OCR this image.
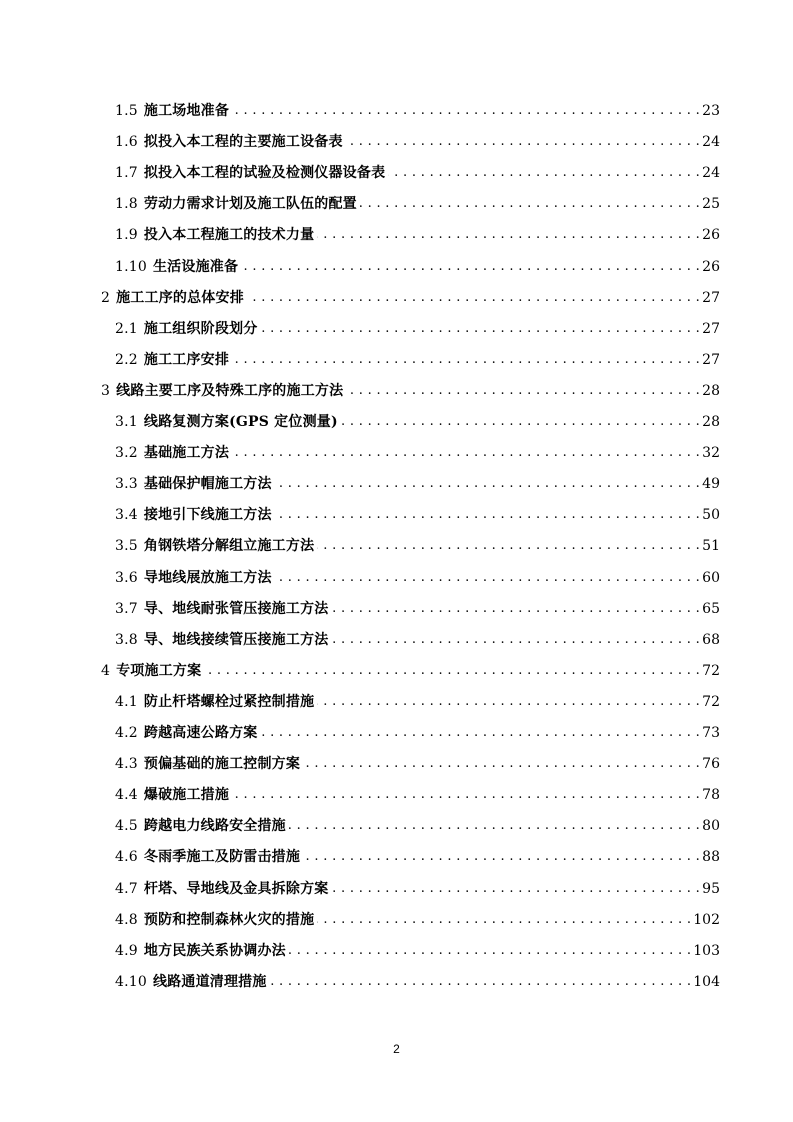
1.5 施工场地准备 . . .	23
1.6 拟投入本工程的主要施工设备表 . . .	24
1.7 拟投入本工程的试验及检测仪器设备表 . . .	24
1.8 劳动力需求计划及施工队伍的配置 . . .	25
1.9 投入本工程施工的技术力量 . . .	26
1.10 生活设施准备 . . .	26
2 施工工序的总体安排 . . .	27
2.1 施工组织阶段划分 . . .	27
2.2 施工工序安排 . . .	27
3 线路主要工序及特殊工序的施工方法 . . .	28
3.1 线路复测方案(GPS 定位测量) . . .	28
3.2 基础施工方法 . . .	32
3.3 基础保护帽施工方法 . . .	49
3.4 接地引下线施工方法 . . .	50
3.5 角钢铁塔分解组立施工方法 . . .	51
3.6 导地线展放施工方法 . . .	60
3.7 导、地线耐张管压接施工方法 . . .	65
3.8 导、地线接续管压接施工方法 . . .	68
4 专项施工方案 . . .	72
4.1 防止杆塔螺栓过紧控制措施 . . .	72
4.2 跨越高速公路方案 . . .	73
4.3 预偏基础的施工控制方案 . . .	76
4.4 爆破施工措施 . . .	78
4.5 跨越电力线路安全措施 . . .	80
4.6 冬雨季施工及防雷击措施 . . .	88
4.7 杆塔、导地线及金具拆除方案 . . .	95
4.8 预防和控制森林火灾的措施 . . .	102
4.9 地方民族关系协调办法 . . .	103
4.10 线路通道清理措施 . . .	104
2
